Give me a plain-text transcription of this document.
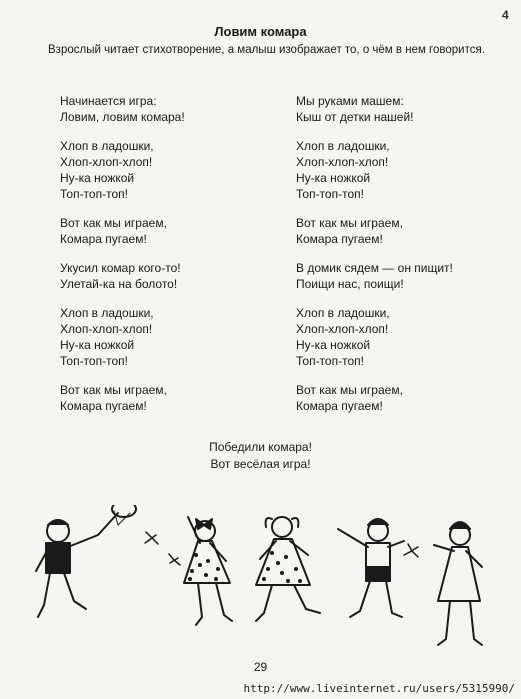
4
Ловим комара
Взрослый читает стихотворение, а малыш изображает то, о чём в нем говорится.
Начинается игра:
Ловим, ловим комара!
Хлоп в ладошки,
Хлоп-хлоп-хлоп!
Ну-ка ножкой
Топ-топ-топ!
Вот как мы играем,
Комара пугаем!
Укусил комар кого-то!
Улетай-ка на болото!
Хлоп в ладошки,
Хлоп-хлоп-хлоп!
Ну-ка ножкой
Топ-топ-топ!
Вот как мы играем,
Комара пугаем!
Мы руками машем:
Кыш от детки нашей!
Хлоп в ладошки,
Хлоп-хлоп-хлоп!
Ну-ка ножкой
Топ-топ-топ!
Вот как мы играем,
Комара пугаем!
В домик сядем — он пищит!
Поищи нас, поищи!
Хлоп в ладошки,
Хлоп-хлоп-хлоп!
Ну-ка ножкой
Топ-топ-топ!
Вот как мы играем,
Комара пугаем!
Победили комара!
Вот весёлая игра!
29
http://www.liveinternet.ru/users/5315990/
